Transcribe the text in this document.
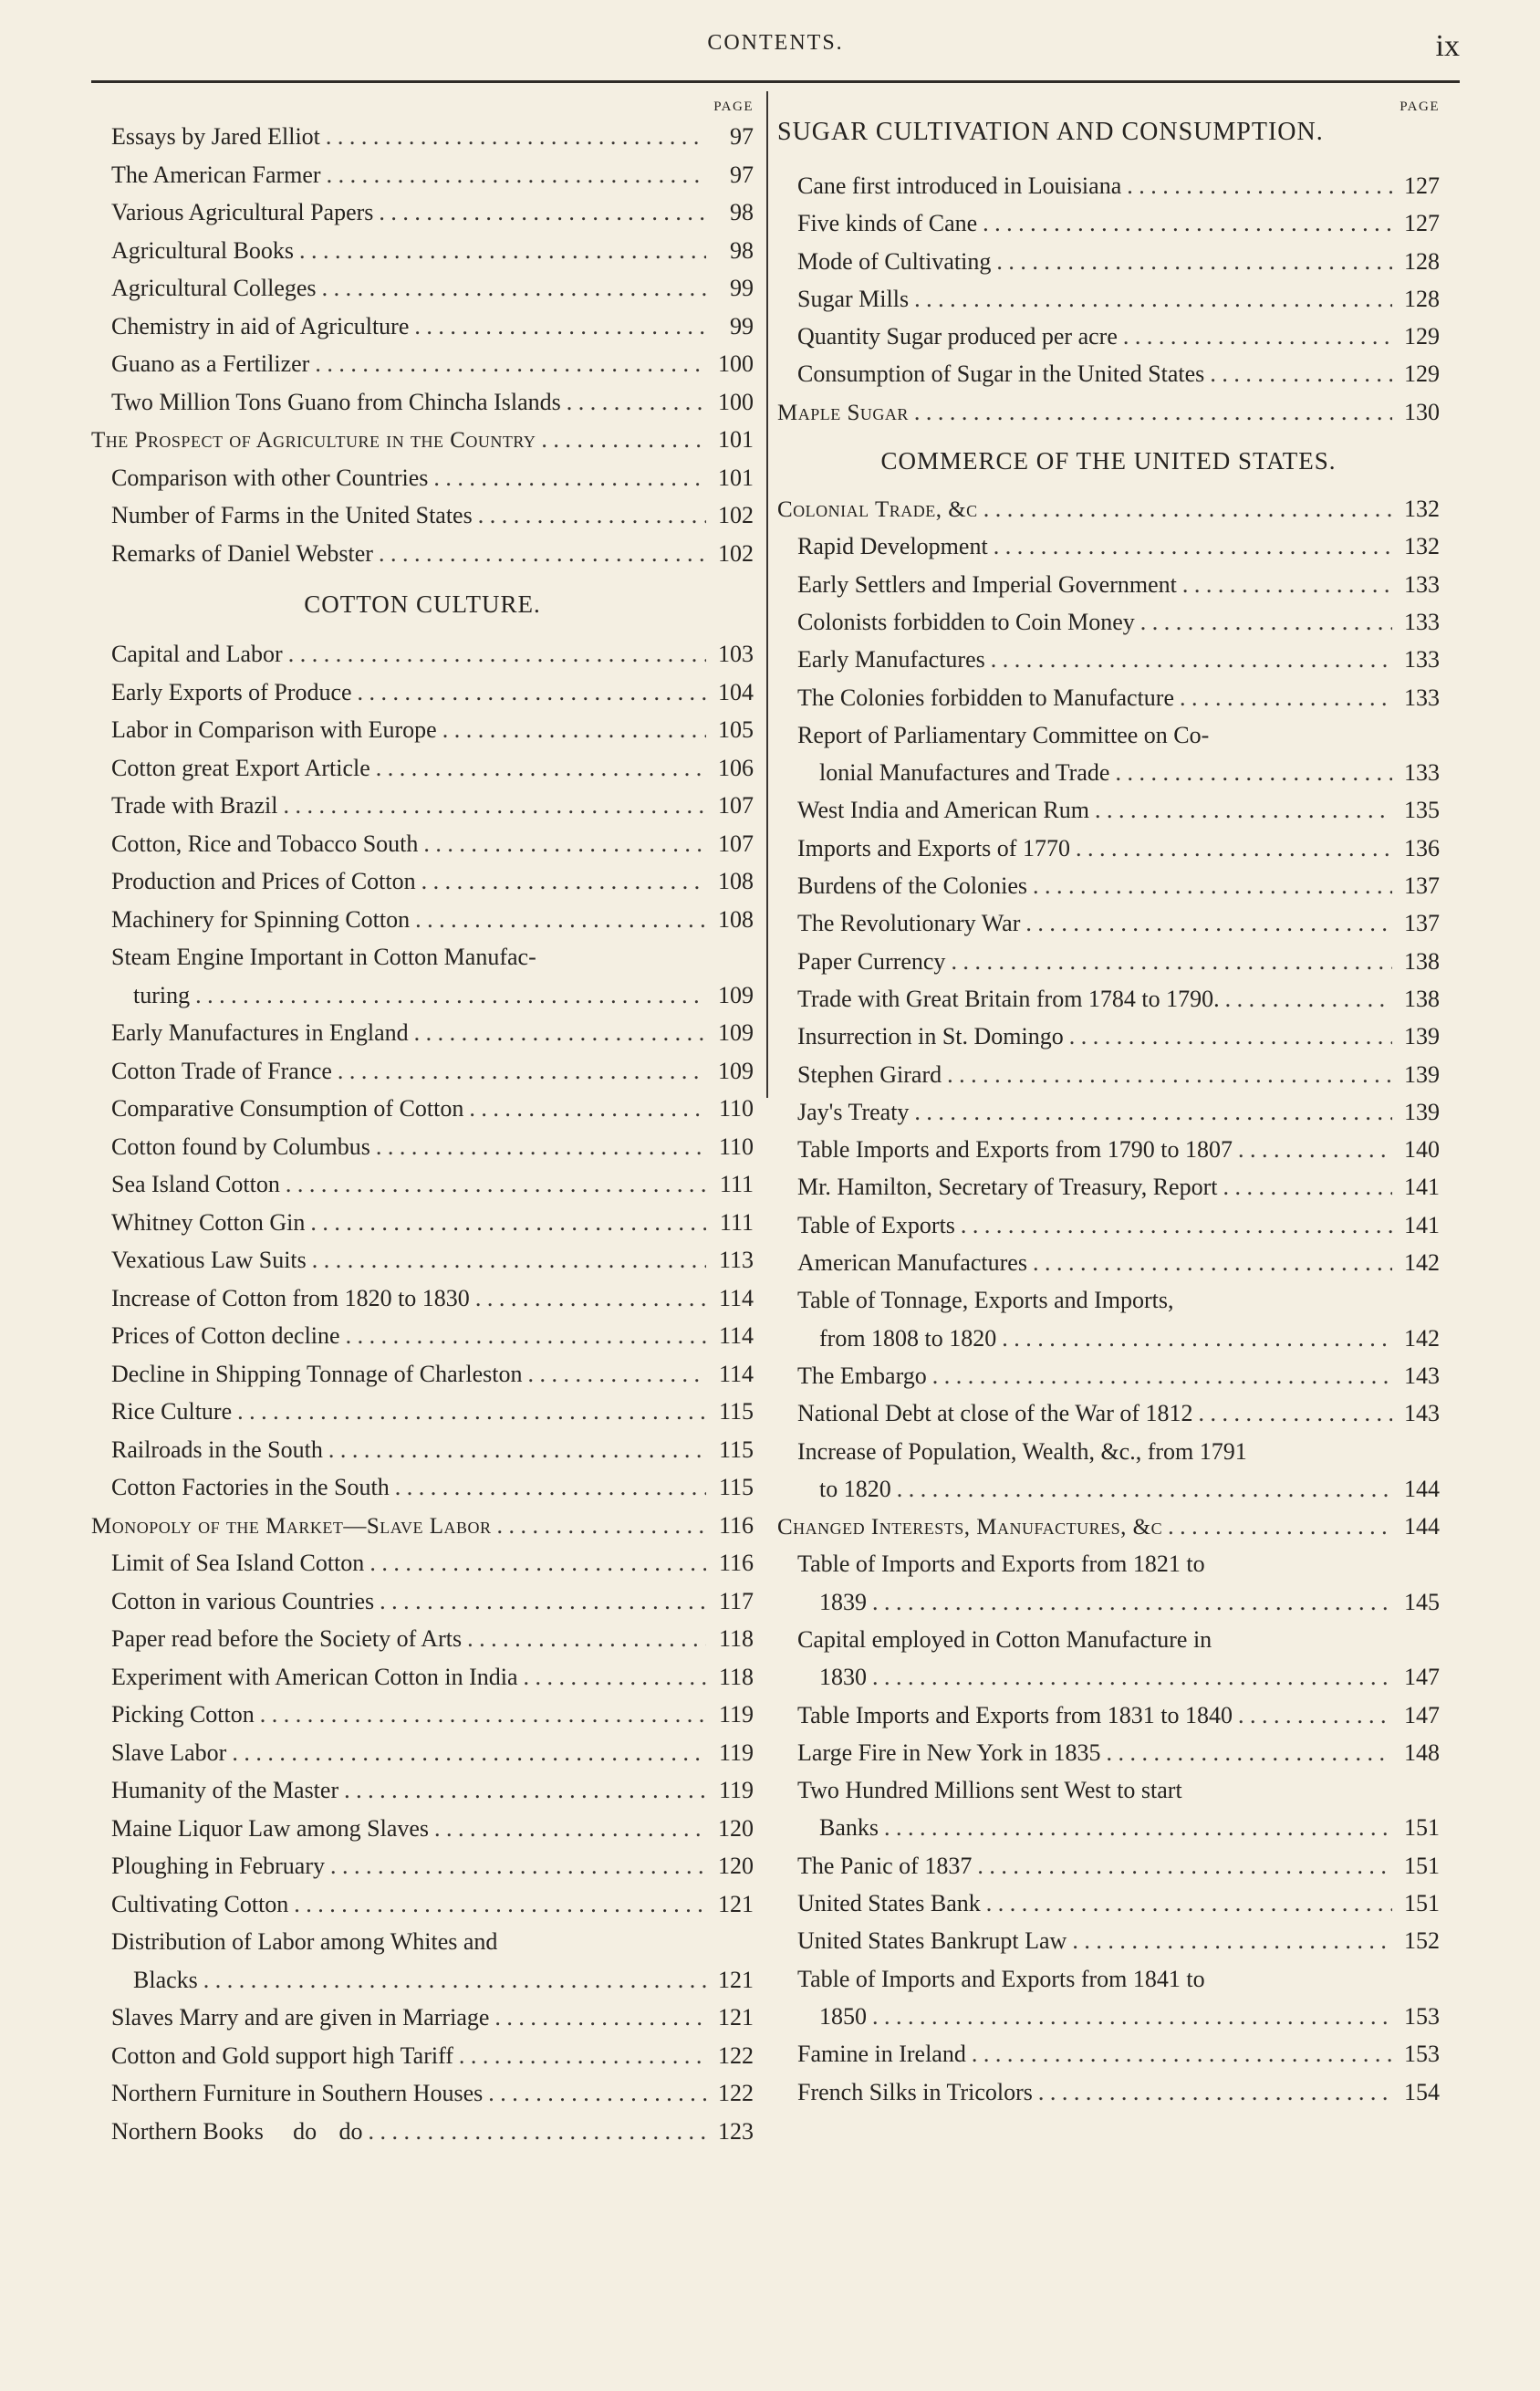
CONTENTS.	ix
PAGE
Essays by Jared Elliot . . .	97
The American Farmer . . .	97
Various Agricultural Papers . . .	98
Agricultural Books . . .	98
Agricultural Colleges . . .	99
Chemistry in aid of Agriculture . . .	99
Guano as a Fertilizer . . .	100
Two Million Tons Guano from Chincha Islands . . .	100
The Prospect of Agriculture in the Country . . .	101
Comparison with other Countries . . .	101
Number of Farms in the United States . . .	102
Remarks of Daniel Webster . . .	102
COTTON CULTURE.
Capital and Labor . . .	103
Early Exports of Produce . . .	104
Labor in Comparison with Europe . . .	105
Cotton great Export Article . . .	106
Trade with Brazil . . .	107
Cotton, Rice and Tobacco South . . .	107
Production and Prices of Cotton . . .	108
Machinery for Spinning Cotton . . .	108
Steam Engine Important in Cotton Manufac-
turing . . .	109
Early Manufactures in England . . .	109
Cotton Trade of France . . .	109
Comparative Consumption of Cotton . . .	110
Cotton found by Columbus . . .	110
Sea Island Cotton . . .	111
Whitney Cotton Gin . . .	111
Vexatious Law Suits . . .	113
Increase of Cotton from 1820 to 1830 . . .	114
Prices of Cotton decline . . .	114
Decline in Shipping Tonnage of Charleston . . .	114
Rice Culture . . .	115
Railroads in the South . . .	115
Cotton Factories in the South . . .	115
Monopoly of the Market—Slave Labor . . .	116
Limit of Sea Island Cotton . . .	116
Cotton in various Countries . . .	117
Paper read before the Society of Arts . . .	118
Experiment with American Cotton in India . . .	118
Picking Cotton . . .	119
Slave Labor . . .	119
Humanity of the Master . . .	119
Maine Liquor Law among Slaves . . .	120
Ploughing in February . . .	120
Cultivating Cotton . . .	121
Distribution of Labor among Whites and
Blacks . . .	121
Slaves Marry and are given in Marriage . . .	121
Cotton and Gold support high Tariff . . .	122
Northern Furniture in Southern Houses . . .	122
Northern Books do do . . .	123
PAGE
SUGAR CULTIVATION AND CONSUMPTION.
Cane first introduced in Louisiana . . .	127
Five kinds of Cane . . .	127
Mode of Cultivating . . .	128
Sugar Mills . . .	128
Quantity Sugar produced per acre . . .	129
Consumption of Sugar in the United States . . .	129
Maple Sugar . . .	130
COMMERCE OF THE UNITED STATES.
Colonial Trade, &c . . .	132
Rapid Development . . .	132
Early Settlers and Imperial Government . . .	133
Colonists forbidden to Coin Money . . .	133
Early Manufactures . . .	133
The Colonies forbidden to Manufacture . . .	133
Report of Parliamentary Committee on Co-
lonial Manufactures and Trade . . .	133
West India and American Rum . . .	135
Imports and Exports of 1770 . . .	136
Burdens of the Colonies . . .	137
The Revolutionary War . . .	137
Paper Currency . . .	138
Trade with Great Britain from 1784 to 1790. . . .	138
Insurrection in St. Domingo . . .	139
Stephen Girard . . .	139
Jay's Treaty . . .	139
Table Imports and Exports from 1790 to 1807 . . .	140
Mr. Hamilton, Secretary of Treasury, Report . . .	141
Table of Exports . . .	141
American Manufactures . . .	142
Table of Tonnage, Exports and Imports,
from 1808 to 1820 . . .	142
The Embargo . . .	143
National Debt at close of the War of 1812 . . .	143
Increase of Population, Wealth, &c., from 1791
to 1820 . . .	144
Changed Interests, Manufactures, &c . . .	144
Table of Imports and Exports from 1821 to
1839 . . .	145
Capital employed in Cotton Manufacture in
1830 . . .	147
Table Imports and Exports from 1831 to 1840 . . .	147
Large Fire in New York in 1835 . . .	148
Two Hundred Millions sent West to start
Banks . . .	151
The Panic of 1837 . . .	151
United States Bank . . .	151
United States Bankrupt Law . . .	152
Table of Imports and Exports from 1841 to
1850 . . .	153
Famine in Ireland . . .	153
French Silks in Tricolors . . .	154
